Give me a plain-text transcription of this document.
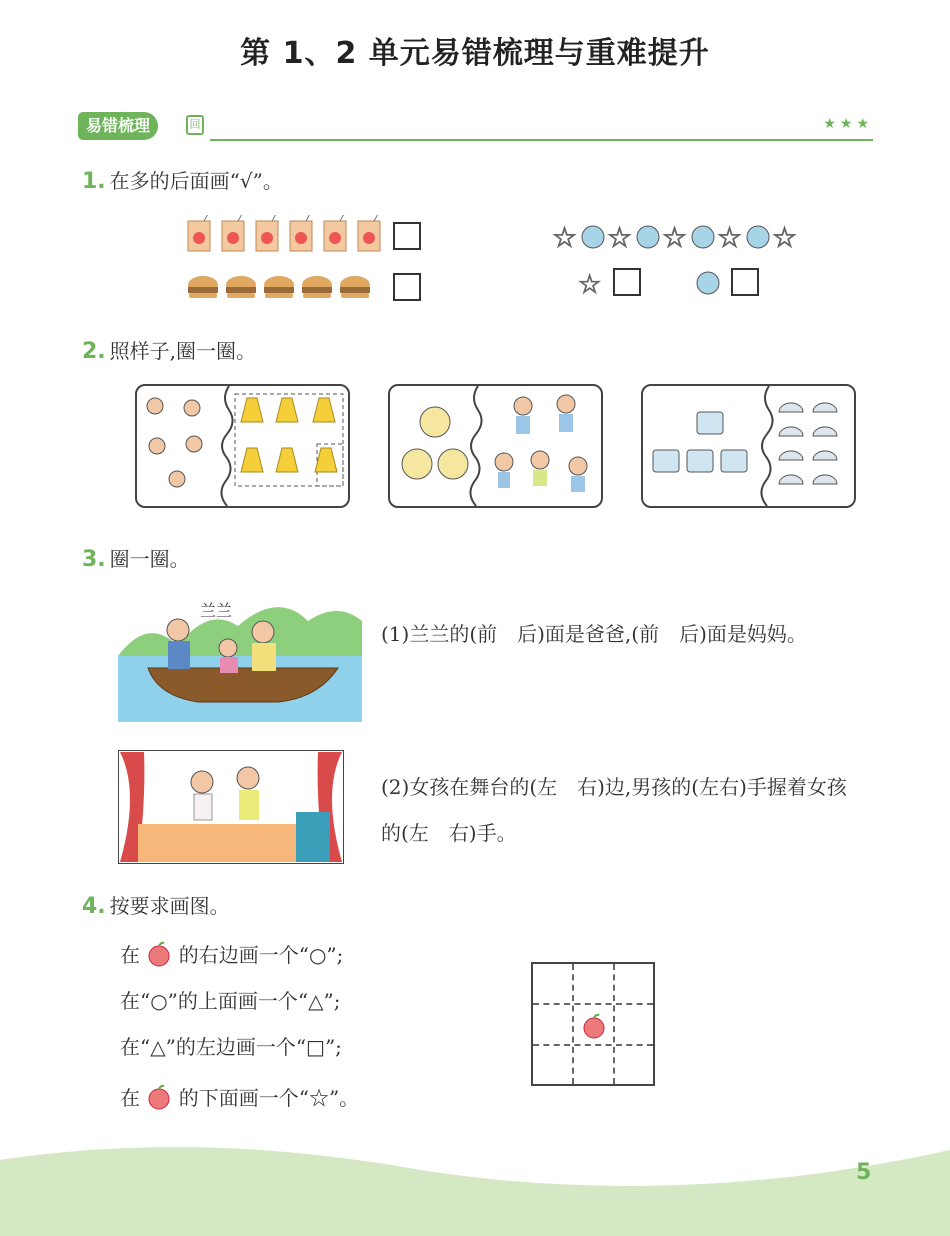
第 1、2 单元易错梳理与重难提升
易错梳理	回	★★★
1. 在多的后面画“√”。
☆ ☆ ☆ ☆ ☆
☆
2. 照样子,圈一圈。
3. 圈一圈。
兰兰
(1)兰兰的(前　后)面是爸爸,(前　后)面是妈妈。
(2)女孩在舞台的(左　右)边,男孩的(左右)手握着女孩的(左　右)手。
4. 按要求画图。
在 的右边画一个“○”;
在“○”的上面画一个“△”;
在“△”的左边画一个“□”;
在 的下面画一个“☆”。
5
